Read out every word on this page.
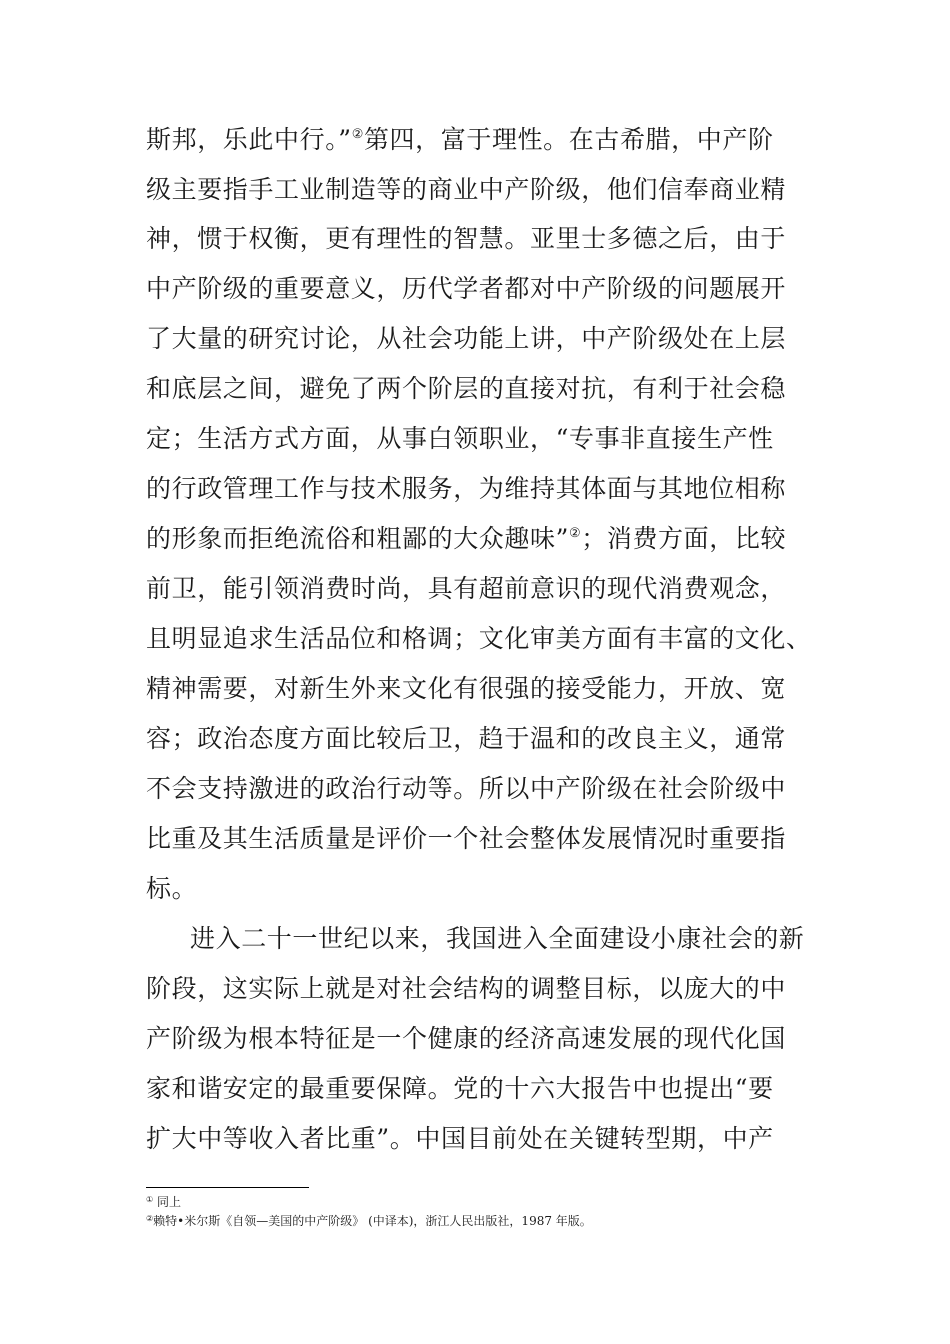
斯邦，乐此中行。”②第四，富于理性。在古希腊，中产阶
级主要指手工业制造等的商业中产阶级，他们信奉商业精
神，惯于权衡，更有理性的智慧。亚里士多德之后，由于
中产阶级的重要意义，历代学者都对中产阶级的问题展开
了大量的研究讨论，从社会功能上讲，中产阶级处在上层
和底层之间，避免了两个阶层的直接对抗，有利于社会稳
定；生活方式方面，从事白领职业，“专事非直接生产性
的行政管理工作与技术服务，为维持其体面与其地位相称
的形象而拒绝流俗和粗鄙的大众趣味”②；消费方面，比较
前卫，能引领消费时尚，具有超前意识的现代消费观念，
且明显追求生活品位和格调；文化审美方面有丰富的文化、
精神需要，对新生外来文化有很强的接受能力，开放、宽
容；政治态度方面比较后卫，趋于温和的改良主义，通常
不会支持激进的政治行动等。所以中产阶级在社会阶级中
比重及其生活质量是评价一个社会整体发展情况时重要指
标。
进入二十一世纪以来，我国进入全面建设小康社会的新
阶段，这实际上就是对社会结构的调整目标，以庞大的中
产阶级为根本特征是一个健康的经济高速发展的现代化国
家和谐安定的最重要保障。党的十六大报告中也提出“要
扩大中等收入者比重”。中国目前处在关键转型期，中产
① 同上
②赖特•米尔斯《自领—美国的中产阶级》 (中译本)，浙江人民出版社，1987 年版。
